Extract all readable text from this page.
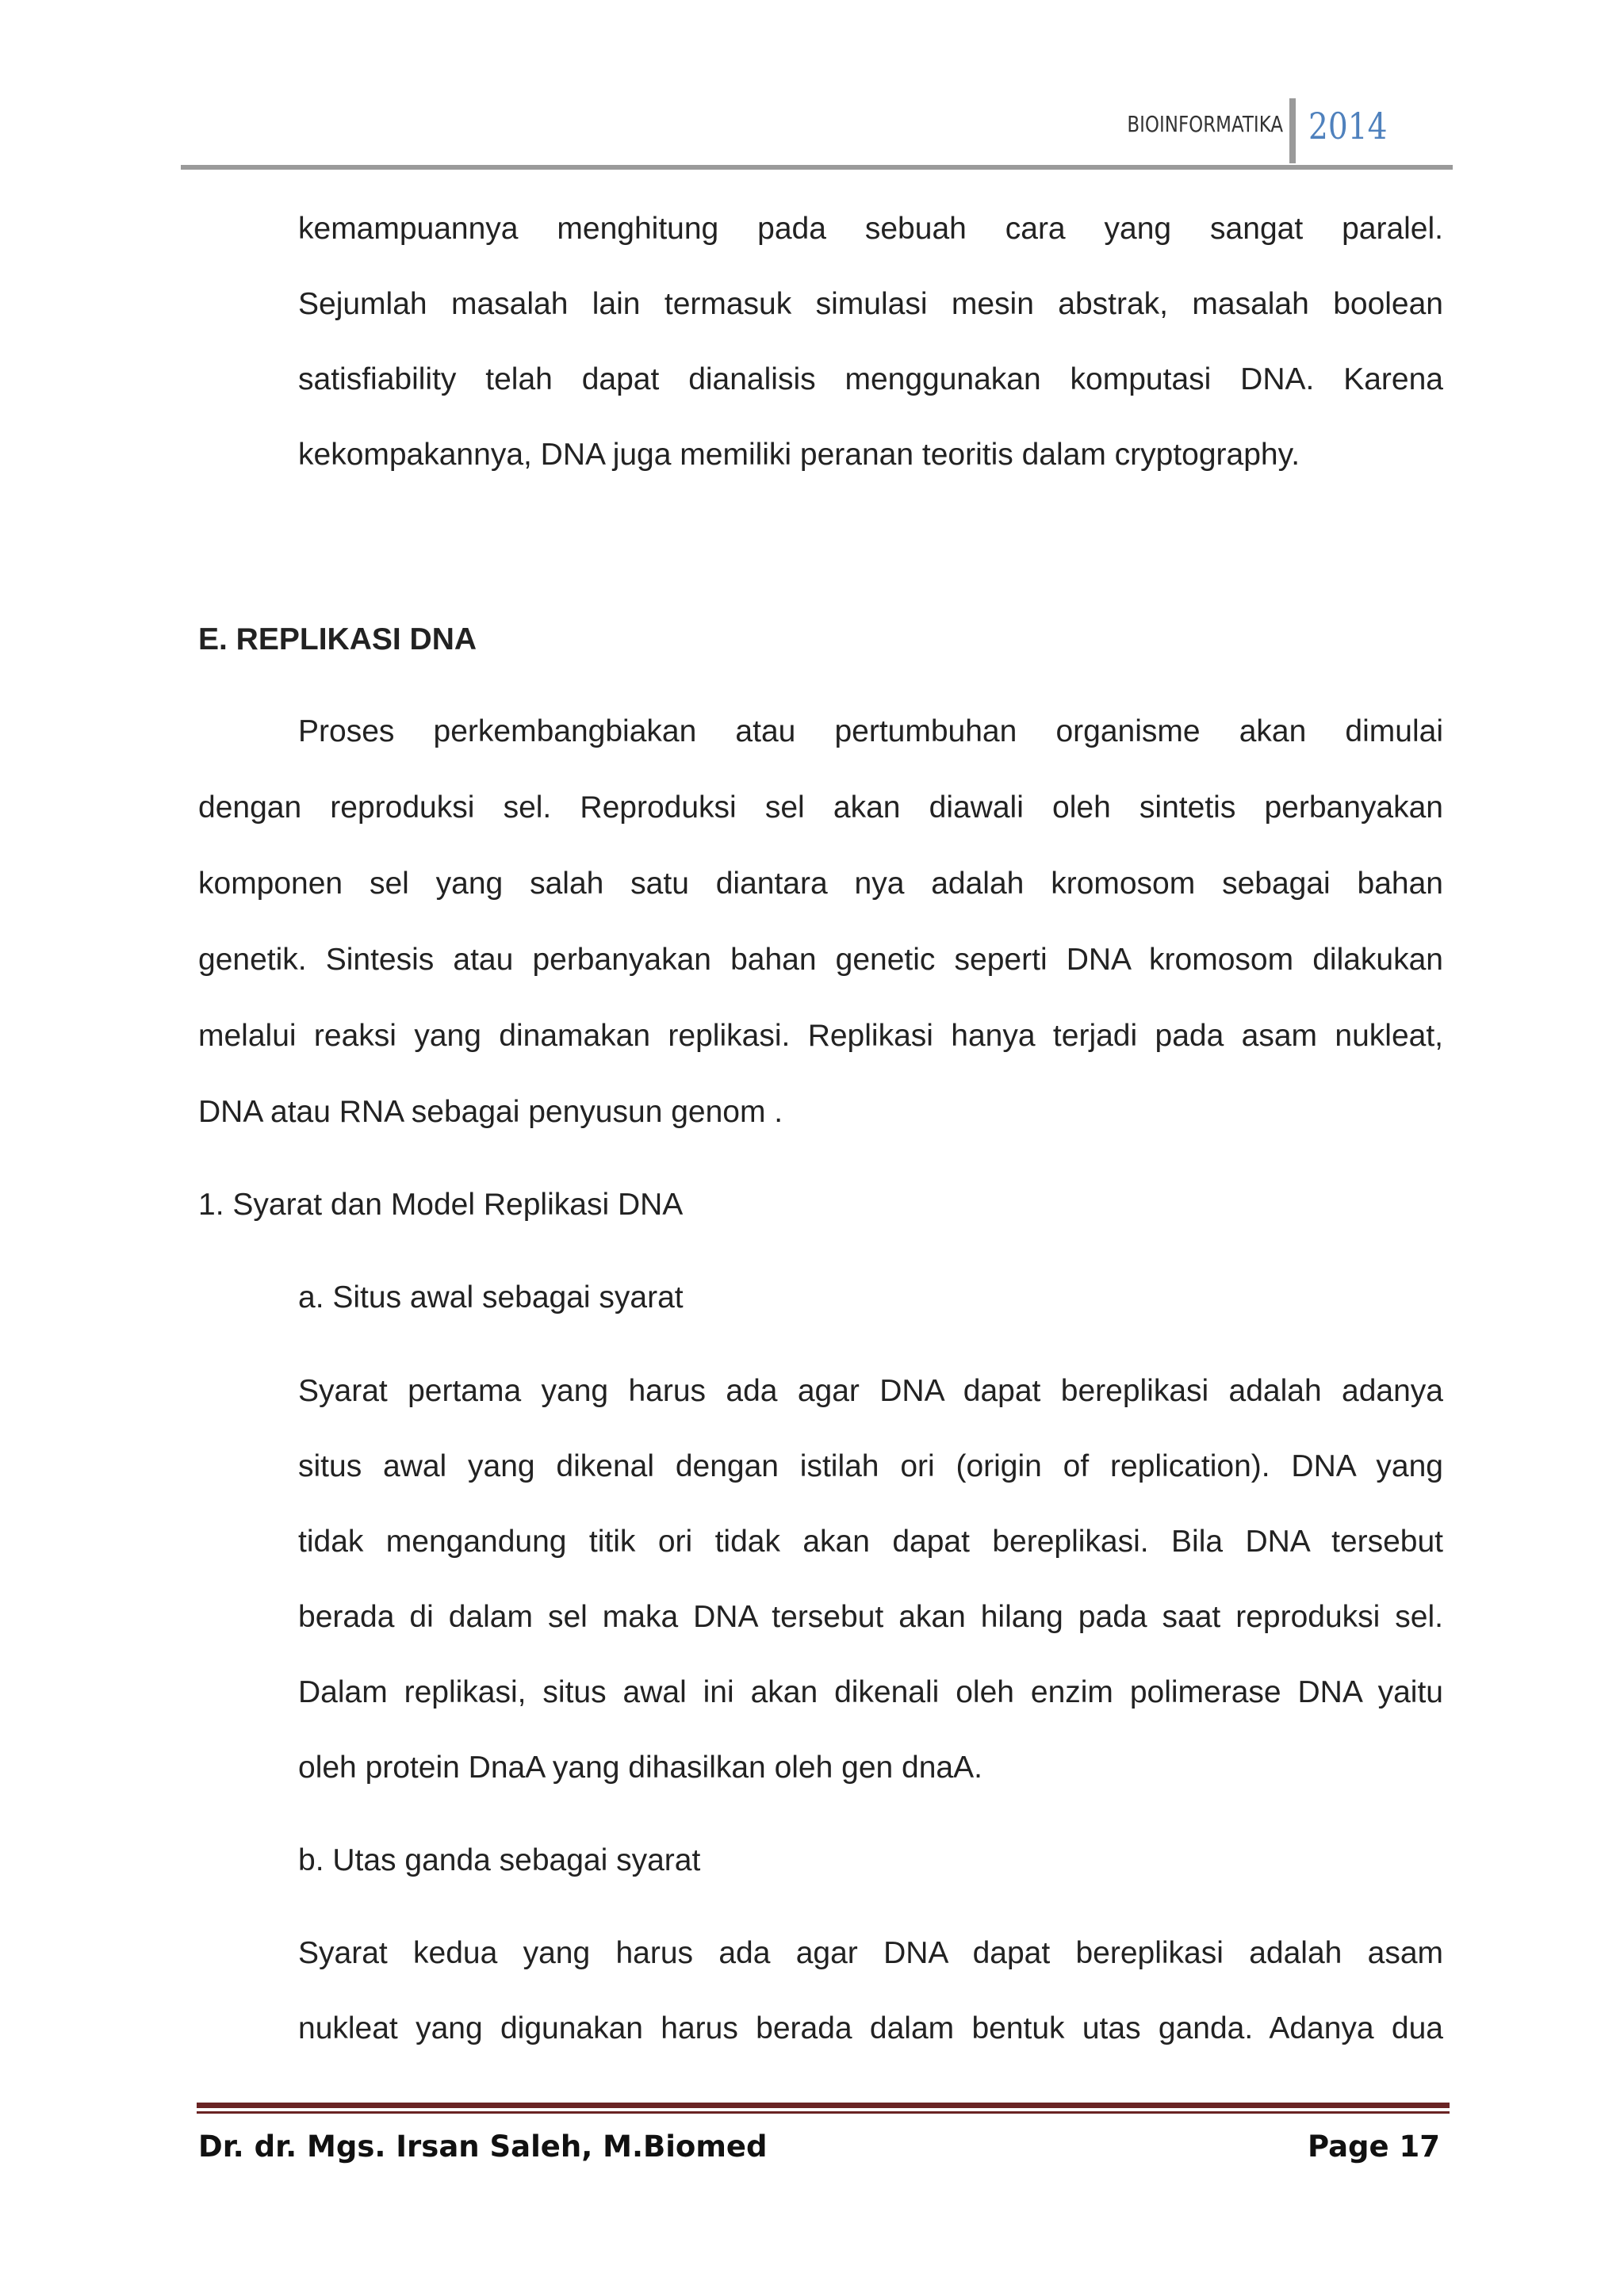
BIOINFORMATIKA 2014
kemampuannya menghitung pada sebuah cara yang sangat paralel.
Sejumlah masalah lain termasuk simulasi mesin abstrak, masalah boolean
satisfiability telah dapat dianalisis menggunakan komputasi DNA. Karena
kekompakannya, DNA juga memiliki peranan teoritis dalam cryptography.
E. REPLIKASI DNA
Proses perkembangbiakan atau pertumbuhan organisme akan dimulai
dengan reproduksi sel. Reproduksi sel akan diawali oleh sintetis perbanyakan
komponen sel yang salah satu diantara nya adalah kromosom sebagai bahan
genetik. Sintesis atau perbanyakan bahan genetic seperti DNA kromosom dilakukan
melalui reaksi yang dinamakan replikasi. Replikasi hanya terjadi pada asam nukleat,
DNA atau RNA sebagai penyusun genom .
1. Syarat dan Model Replikasi DNA
a. Situs awal sebagai syarat
Syarat pertama yang harus ada agar DNA dapat bereplikasi adalah adanya
situs awal yang dikenal dengan istilah ori (origin of replication). DNA yang
tidak mengandung titik ori tidak akan dapat bereplikasi. Bila DNA tersebut
berada di dalam sel maka DNA tersebut akan hilang pada saat reproduksi sel.
Dalam replikasi, situs awal ini akan dikenali oleh enzim polimerase DNA yaitu
oleh protein DnaA yang dihasilkan oleh gen dnaA.
b. Utas ganda sebagai syarat
Syarat kedua yang harus ada agar DNA dapat bereplikasi adalah asam
nukleat yang digunakan harus berada dalam bentuk utas ganda. Adanya dua
Dr. dr. Mgs. Irsan Saleh, M.Biomed	Page 17
